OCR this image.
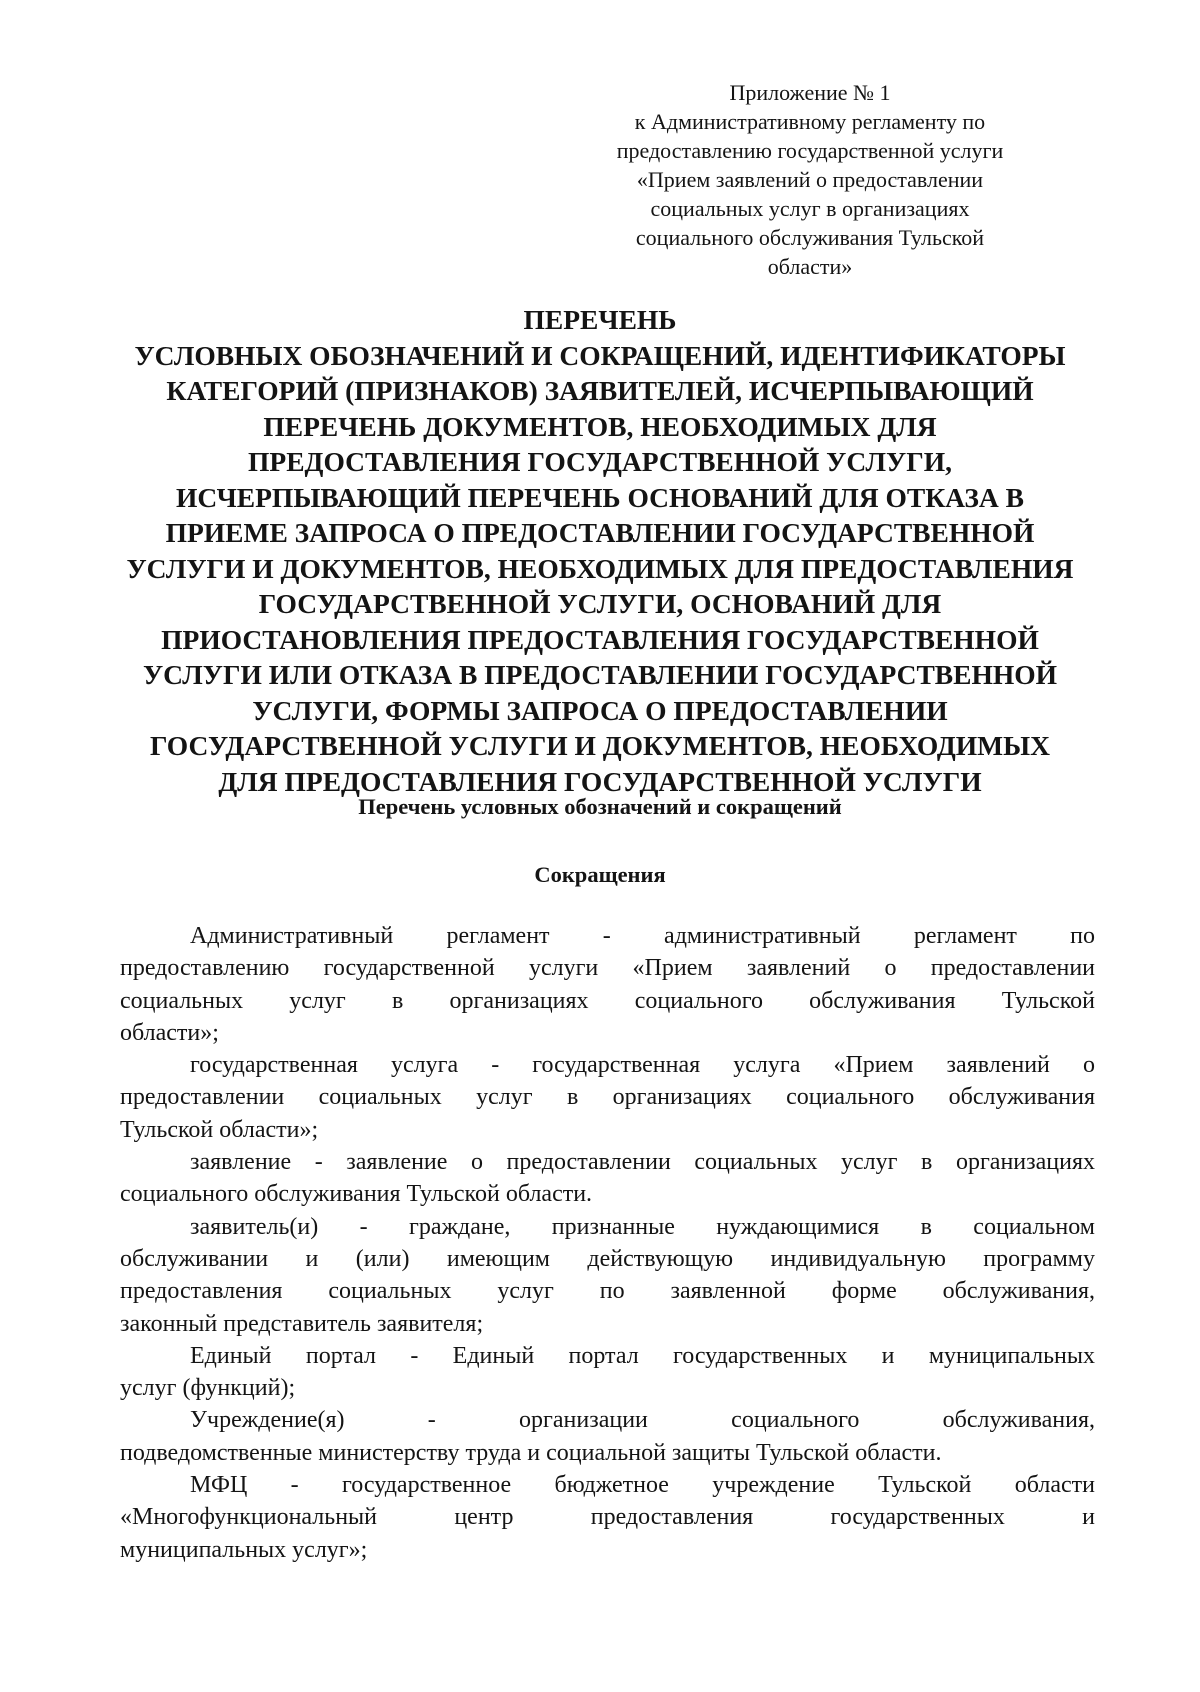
Приложение № 1
к Административному регламенту по
предоставлению государственной услуги
«Прием заявлений о предоставлении
социальных услуг в организациях
социального обслуживания Тульской
области»
ПЕРЕЧЕНЬ
УСЛОВНЫХ ОБОЗНАЧЕНИЙ И СОКРАЩЕНИЙ, ИДЕНТИФИКАТОРЫ
КАТЕГОРИЙ (ПРИЗНАКОВ) ЗАЯВИТЕЛЕЙ, ИСЧЕРПЫВАЮЩИЙ
ПЕРЕЧЕНЬ ДОКУМЕНТОВ, НЕОБХОДИМЫХ ДЛЯ
ПРЕДОСТАВЛЕНИЯ ГОСУДАРСТВЕННОЙ УСЛУГИ,
ИСЧЕРПЫВАЮЩИЙ ПЕРЕЧЕНЬ ОСНОВАНИЙ ДЛЯ ОТКАЗА В
ПРИЕМЕ ЗАПРОСА О ПРЕДОСТАВЛЕНИИ ГОСУДАРСТВЕННОЙ
УСЛУГИ И ДОКУМЕНТОВ, НЕОБХОДИМЫХ ДЛЯ ПРЕДОСТАВЛЕНИЯ
ГОСУДАРСТВЕННОЙ УСЛУГИ, ОСНОВАНИЙ ДЛЯ
ПРИОСТАНОВЛЕНИЯ ПРЕДОСТАВЛЕНИЯ ГОСУДАРСТВЕННОЙ
УСЛУГИ ИЛИ ОТКАЗА В ПРЕДОСТАВЛЕНИИ ГОСУДАРСТВЕННОЙ
УСЛУГИ, ФОРМЫ ЗАПРОСА О ПРЕДОСТАВЛЕНИИ
ГОСУДАРСТВЕННОЙ УСЛУГИ И ДОКУМЕНТОВ, НЕОБХОДИМЫХ
ДЛЯ ПРЕДОСТАВЛЕНИЯ ГОСУДАРСТВЕННОЙ УСЛУГИ
Перечень условных обозначений и сокращений
Сокращения
Административный регламент - административный регламент по
предоставлению государственной услуги «Прием заявлений о предоставлении
социальных услуг в организациях социального обслуживания Тульской
области»;
государственная услуга - государственная услуга «Прием заявлений о
предоставлении социальных услуг в организациях социального обслуживания
Тульской области»;
заявление - заявление о предоставлении социальных услуг в организациях
социального обслуживания Тульской области.
заявитель(и) - граждане, признанные нуждающимися в социальном
обслуживании и (или) имеющим действующую индивидуальную программу
предоставления социальных услуг по заявленной форме обслуживания,
законный представитель заявителя;
Единый портал - Единый портал государственных и муниципальных
услуг (функций);
Учреждение(я) - организации социального обслуживания,
подведомственные министерству труда и социальной защиты Тульской области.
МФЦ - государственное бюджетное учреждение Тульской области
«Многофункциональный центр предоставления государственных и
муниципальных услуг»;
